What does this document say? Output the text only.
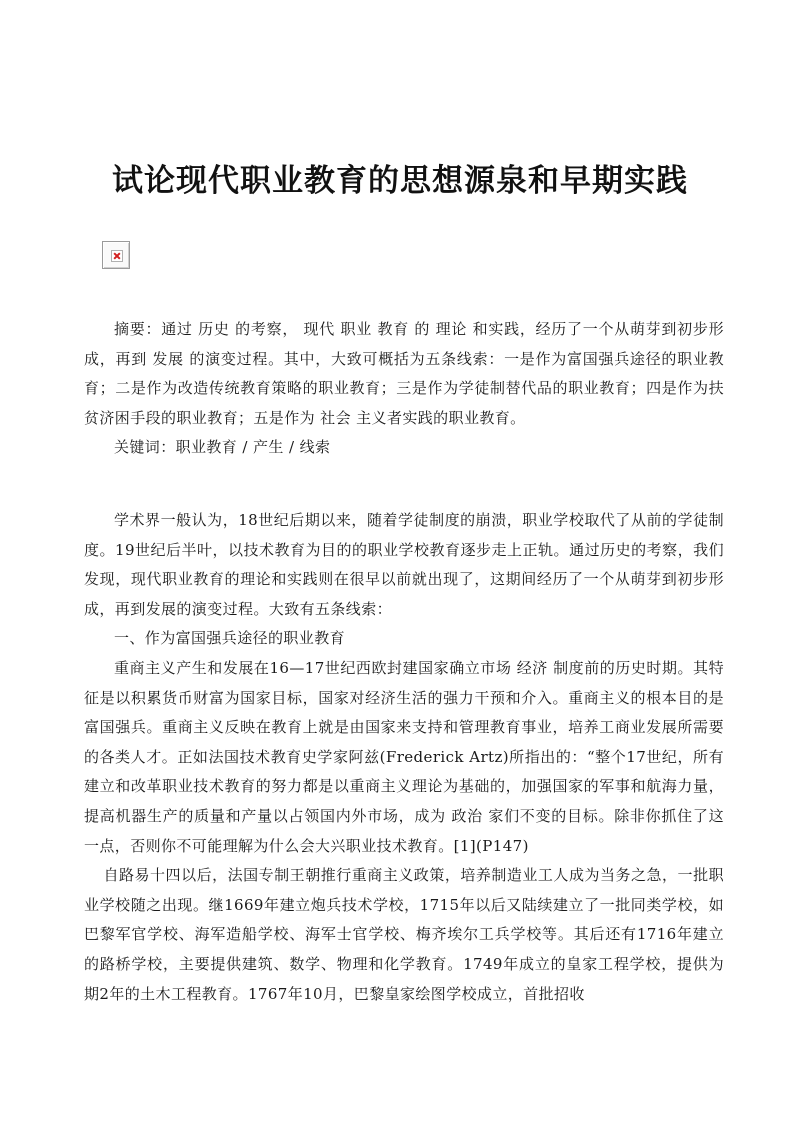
试论现代职业教育的思想源泉和早期实践

摘要：通过 历史 的考察， 现代 职业 教育 的 理论 和实践，经历了一个从萌芽到初步形成，再到 发展 的演变过程。其中，大致可概括为五条线索：一是作为富国强兵途径的职业教育；二是作为改造传统教育策略的职业教育；三是作为学徒制替代品的职业教育；四是作为扶贫济困手段的职业教育；五是作为 社会 主义者实践的职业教育。

关键词：职业教育 / 产生 / 线索

学术界一般认为，18世纪后期以来，随着学徒制度的崩溃，职业学校取代了从前的学徒制度。19世纪后半叶，以技术教育为目的的职业学校教育逐步走上正轨。通过历史的考察，我们发现，现代职业教育的理论和实践则在很早以前就出现了，这期间经历了一个从萌芽到初步形成，再到发展的演变过程。大致有五条线索：

一、作为富国强兵途径的职业教育

重商主义产生和发展在16—17世纪西欧封建国家确立市场 经济 制度前的历史时期。其特征是以积累货币财富为国家目标，国家对经济生活的强力干预和介入。重商主义的根本目的是富国强兵。重商主义反映在教育上就是由国家来支持和管理教育事业，培养工商业发展所需要的各类人才。正如法国技术教育史学家阿兹(Frederick Artz)所指出的：“整个17世纪，所有建立和改革职业技术教育的努力都是以重商主义理论为基础的，加强国家的军事和航海力量，提高机器生产的质量和产量以占领国内外市场，成为 政治 家们不变的目标。除非你抓住了这一点，否则你不可能理解为什么会大兴职业技术教育。[1](P147)

自路易十四以后，法国专制王朝推行重商主义政策，培养制造业工人成为当务之急，一批职业学校随之出现。继1669年建立炮兵技术学校，1715年以后又陆续建立了一批同类学校，如巴黎军官学校、海军造船学校、海军士官学校、梅齐埃尔工兵学校等。其后还有1716年建立的路桥学校，主要提供建筑、数学、物理和化学教育。1749年成立的皇家工程学校，提供为期2年的土木工程教育。1767年10月，巴黎皇家绘图学校成立，首批招收
